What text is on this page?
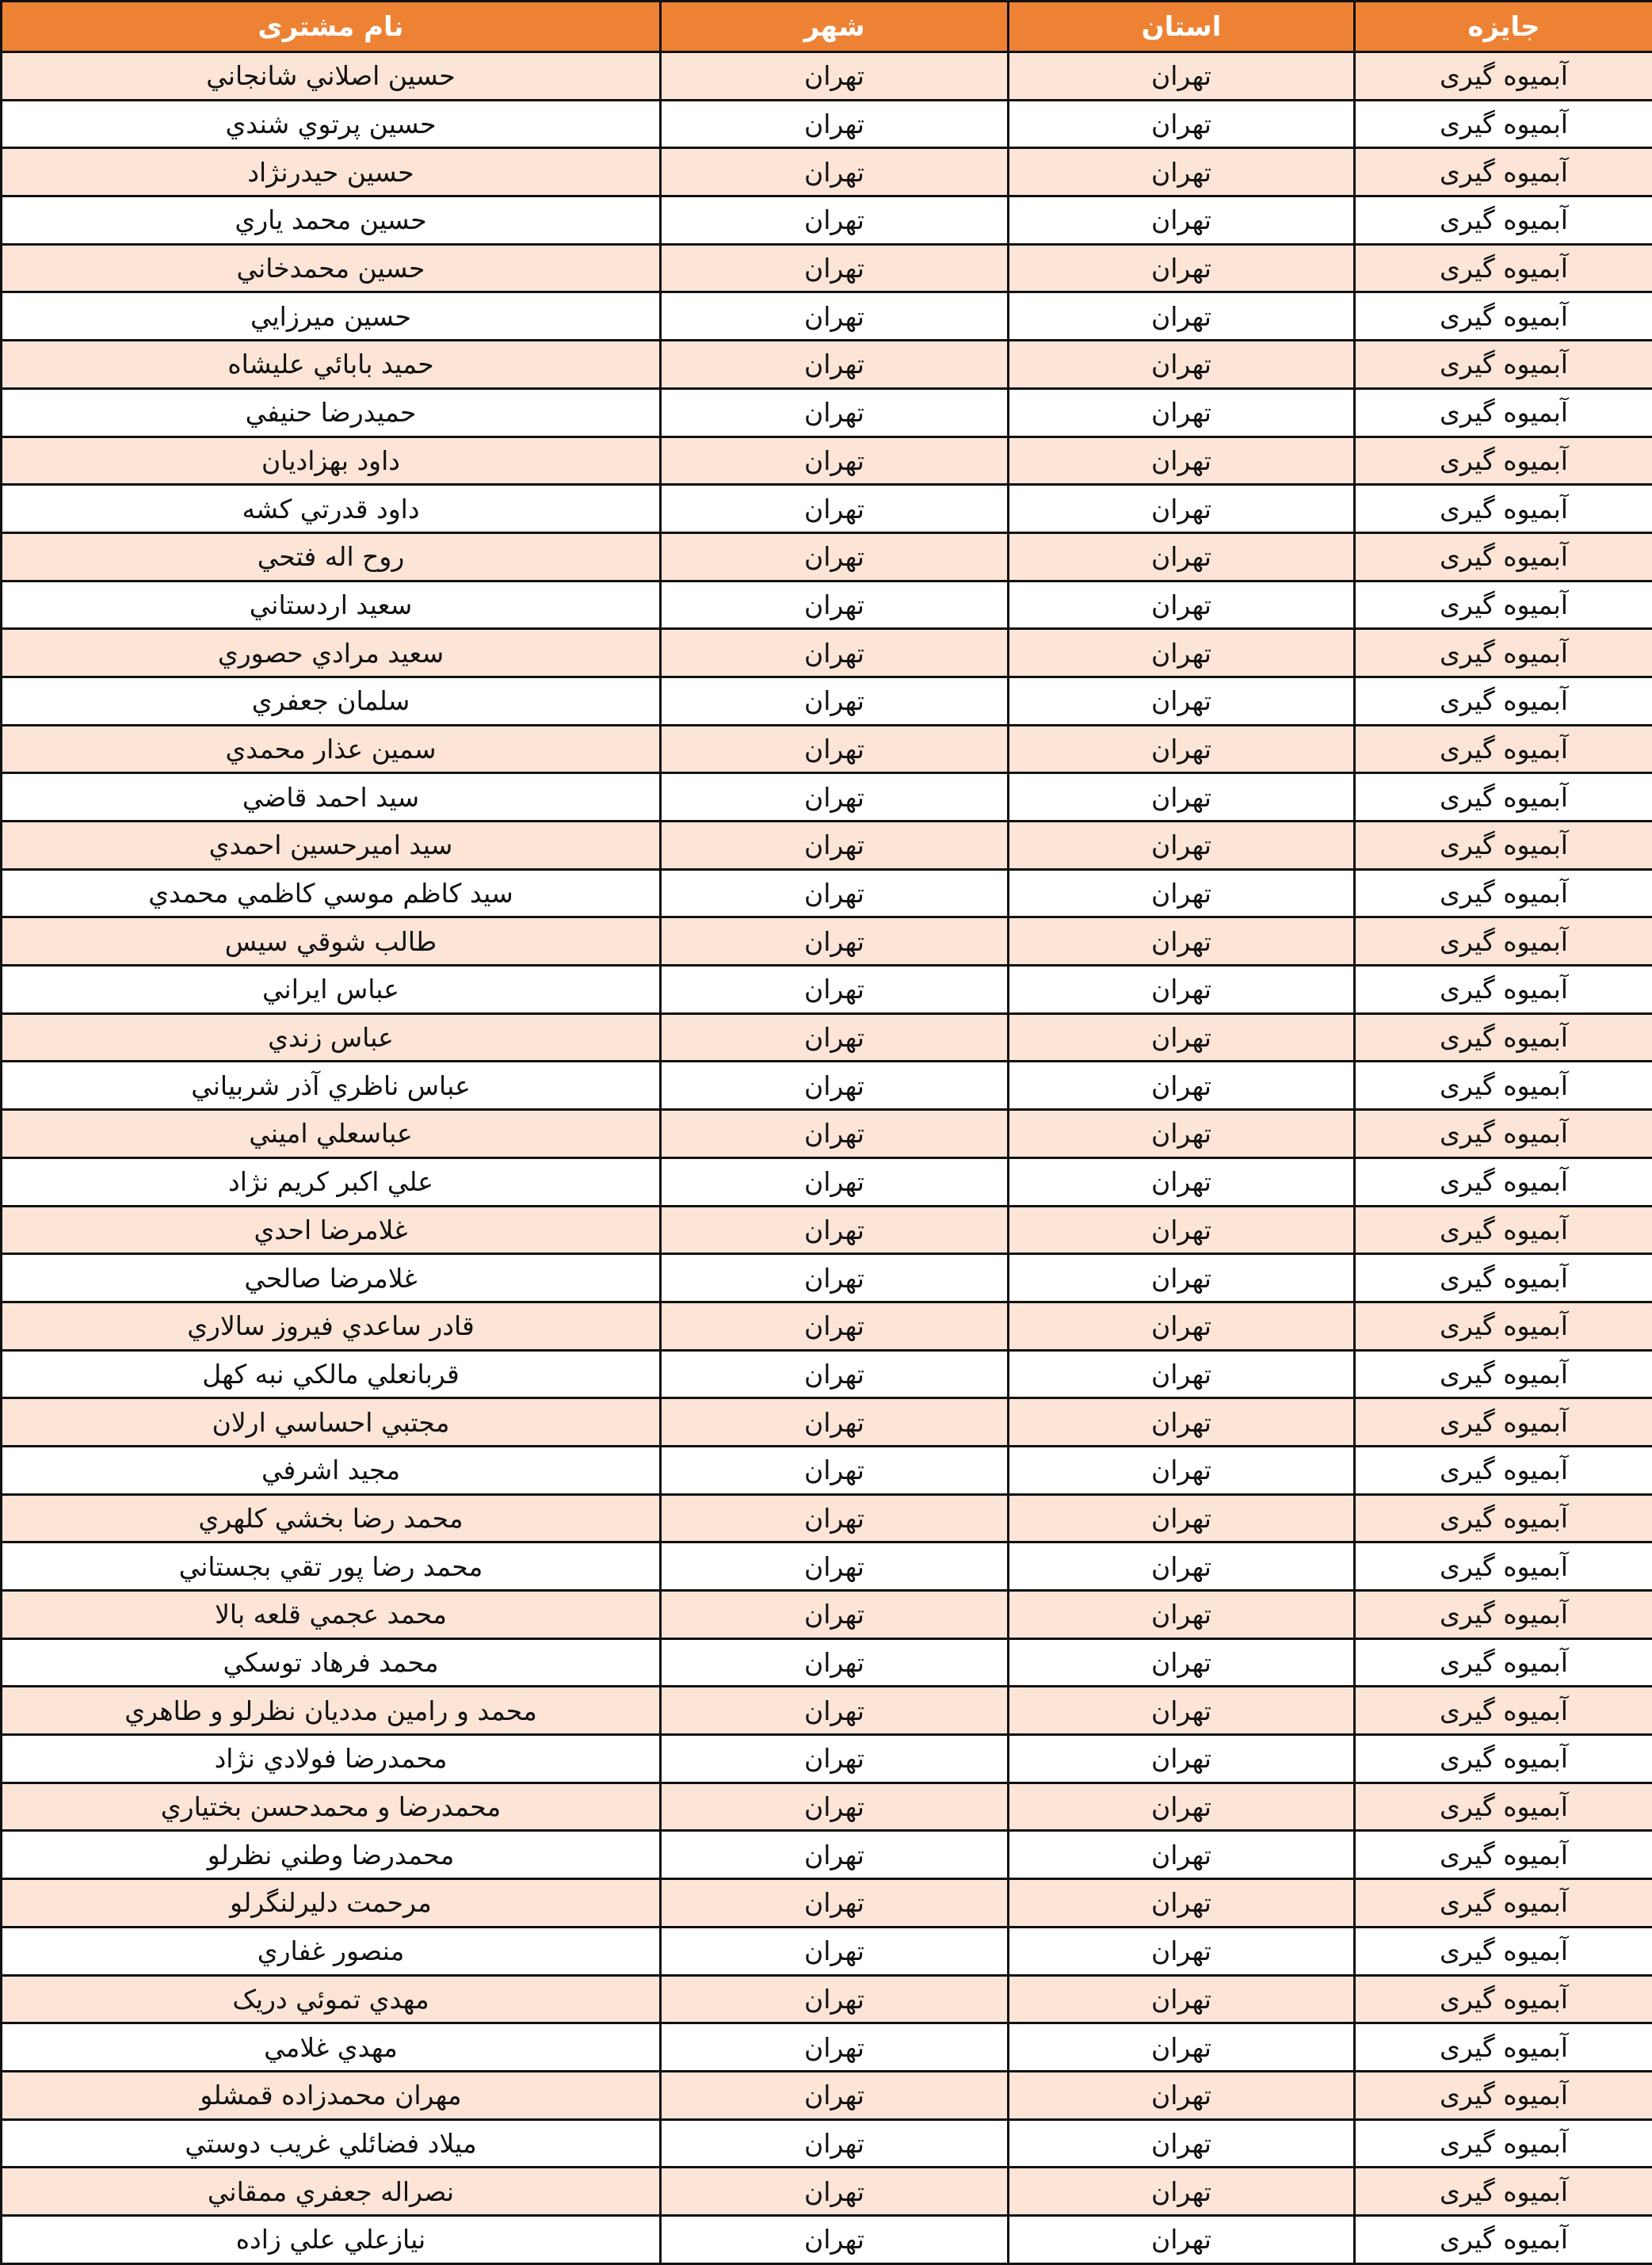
جایزه	استان	شهر	نام مشتری
آبمیوه گیری	تهران	تهران	حسين اصلاني شانجاني
آبمیوه گیری	تهران	تهران	حسين پرتوي شندي
آبمیوه گیری	تهران	تهران	حسين حيدرنژاد
آبمیوه گیری	تهران	تهران	حسين محمد ياري
آبمیوه گیری	تهران	تهران	حسين محمدخاني
آبمیوه گیری	تهران	تهران	حسين ميرزايي
آبمیوه گیری	تهران	تهران	حميد بابائي عليشاه
آبمیوه گیری	تهران	تهران	حميدرضا حنيفي
آبمیوه گیری	تهران	تهران	داود بهزاديان
آبمیوه گیری	تهران	تهران	داود قدرتي كشه
آبمیوه گیری	تهران	تهران	روح اله فتحي
آبمیوه گیری	تهران	تهران	سعيد اردستاني
آبمیوه گیری	تهران	تهران	سعيد مرادي حصوري
آبمیوه گیری	تهران	تهران	سلمان جعفري
آبمیوه گیری	تهران	تهران	سمين عذار محمدي
آبمیوه گیری	تهران	تهران	سيد احمد قاضي
آبمیوه گیری	تهران	تهران	سيد اميرحسين احمدي
آبمیوه گیری	تهران	تهران	سيد كاظم موسي كاظمي محمدي
آبمیوه گیری	تهران	تهران	طالب شوقي سيس
آبمیوه گیری	تهران	تهران	عباس ايراني
آبمیوه گیری	تهران	تهران	عباس زندي
آبمیوه گیری	تهران	تهران	عباس ناظري آذر شربياني
آبمیوه گیری	تهران	تهران	عباسعلي اميني
آبمیوه گیری	تهران	تهران	علي اكبر كريم نژاد
آبمیوه گیری	تهران	تهران	غلامرضا احدي
آبمیوه گیری	تهران	تهران	غلامرضا صالحي
آبمیوه گیری	تهران	تهران	قادر ساعدي فيروز سالاري
آبمیوه گیری	تهران	تهران	قربانعلي مالكي نبه كهل
آبمیوه گیری	تهران	تهران	مجتبي احساسي ارلان
آبمیوه گیری	تهران	تهران	مجيد اشرفي
آبمیوه گیری	تهران	تهران	محمد رضا بخشي كلهري
آبمیوه گیری	تهران	تهران	محمد رضا پور تقي بجستاني
آبمیوه گیری	تهران	تهران	محمد عجمي قلعه بالا
آبمیوه گیری	تهران	تهران	محمد فرهاد توسكي
آبمیوه گیری	تهران	تهران	محمد و رامين مدديان نظرلو و طاهري
آبمیوه گیری	تهران	تهران	محمدرضا فولادي نژاد
آبمیوه گیری	تهران	تهران	محمدرضا و محمدحسن بختياري
آبمیوه گیری	تهران	تهران	محمدرضا وطني نظرلو
آبمیوه گیری	تهران	تهران	مرحمت دليرلنگرلو
آبمیوه گیری	تهران	تهران	منصور غفاري
آبمیوه گیری	تهران	تهران	مهدي تموئي دريک
آبمیوه گیری	تهران	تهران	مهدي غلامي
آبمیوه گیری	تهران	تهران	مهران محمدزاده قمشلو
آبمیوه گیری	تهران	تهران	ميلاد فضائلي غريب دوستي
آبمیوه گیری	تهران	تهران	نصراله جعفري ممقاني
آبمیوه گیری	تهران	تهران	نيازعلي علي زاده
